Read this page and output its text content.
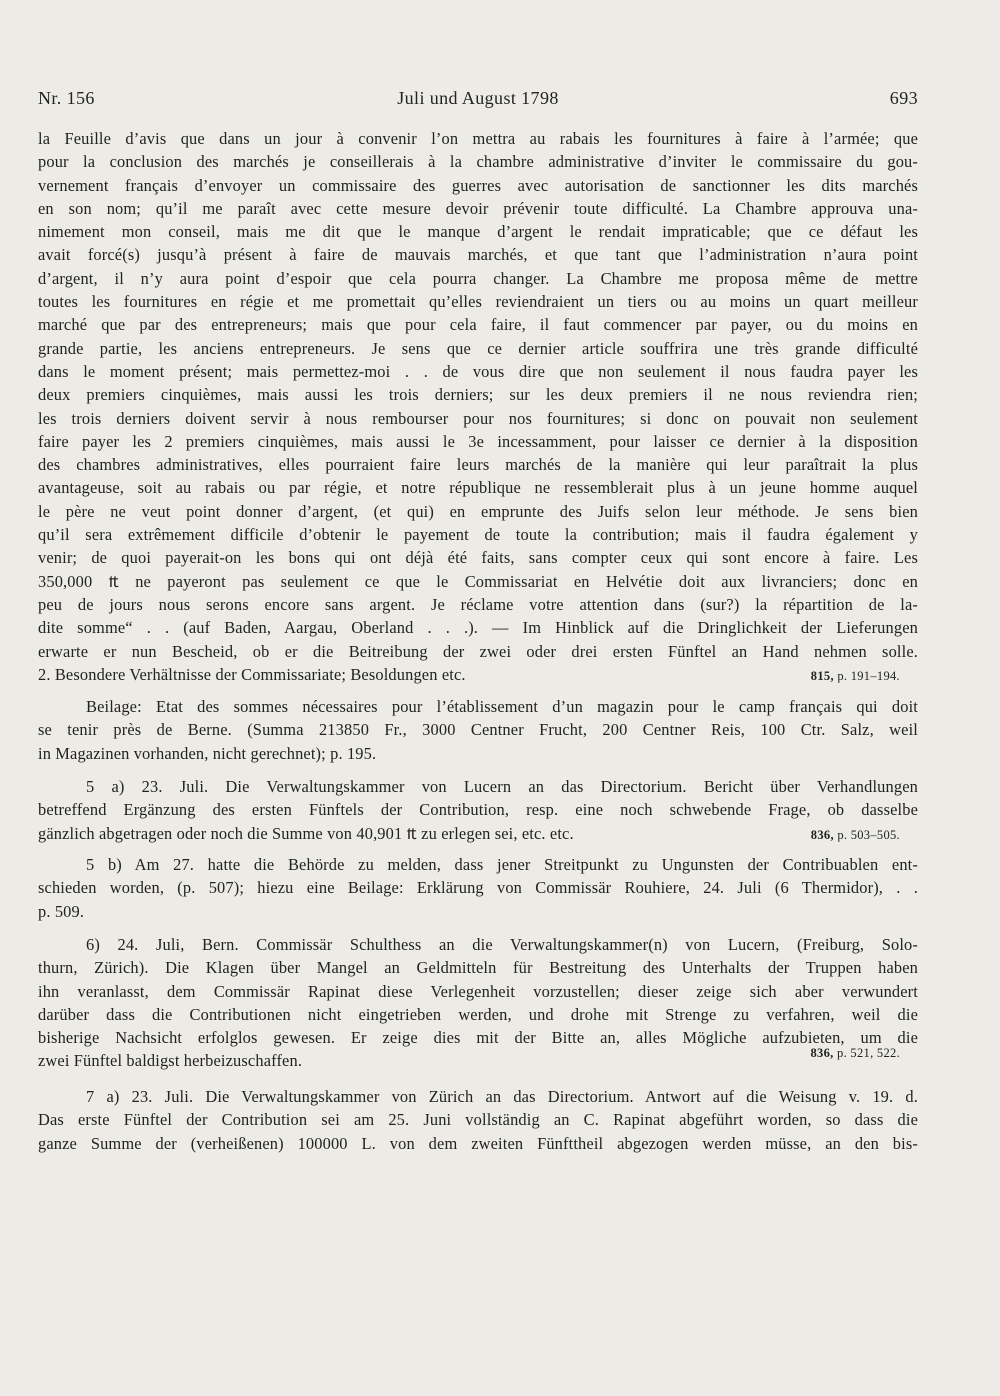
Nr. 156	Juli und August 1798	693
la Feuille d’avis que dans un jour à convenir l’on mettra au rabais les fournitures à faire à l’armée; que
pour la conclusion des marchés je conseillerais à la chambre administrative d’inviter le commissaire du gou-
vernement français d’envoyer un commissaire des guerres avec autorisation de sanctionner les dits marchés
en son nom; qu’il me paraît avec cette mesure devoir prévenir toute difficulté. La Chambre approuva una-
nimement mon conseil, mais me dit que le manque d’argent le rendait impraticable; que ce défaut les
avait forcé(s) jusqu’à présent à faire de mauvais marchés, et que tant que l’administration n’aura point
d’argent, il n’y aura point d’espoir que cela pourra changer. La Chambre me proposa même de mettre
toutes les fournitures en régie et me promettait qu’elles reviendraient un tiers ou au moins un quart meilleur
marché que par des entrepreneurs; mais que pour cela faire, il faut commencer par payer, ou du moins en
grande partie, les anciens entrepreneurs. Je sens que ce dernier article souffrira une très grande difficulté
dans le moment présent; mais permettez-moi . . de vous dire que non seulement il nous faudra payer les
deux premiers cinquièmes, mais aussi les trois derniers; sur les deux premiers il ne nous reviendra rien;
les trois derniers doivent servir à nous rembourser pour nos fournitures; si donc on pouvait non seulement
faire payer les 2 premiers cinquièmes, mais aussi le 3e incessamment, pour laisser ce dernier à la disposition
des chambres administratives, elles pourraient faire leurs marchés de la manière qui leur paraîtrait la plus
avantageuse, soit au rabais ou par régie, et notre république ne ressemblerait plus à un jeune homme auquel
le père ne veut point donner d’argent, (et qui) en emprunte des Juifs selon leur méthode. Je sens bien
qu’il sera extrêmement difficile d’obtenir le payement de toute la contribution; mais il faudra également y
venir; de quoi payerait-on les bons qui ont déjà été faits, sans compter ceux qui sont encore à faire. Les
350,000 ₶ ne payeront pas seulement ce que le Commissariat en Helvétie doit aux livranciers; donc en
peu de jours nous serons encore sans argent. Je réclame votre attention dans (sur?) la répartition de la-
dite somme“ . . (auf Baden, Aargau, Oberland . . .). — Im Hinblick auf die Dringlichkeit der Lieferungen
erwarte er nun Bescheid, ob er die Beitreibung der zwei oder drei ersten Fünftel an Hand nehmen solle.
2. Besondere Verhältnisse der Commissariate; Besoldungen etc.	815, p. 191–194.
Beilage: Etat des sommes nécessaires pour l’établissement d’un magazin pour le camp français qui doit
se tenir près de Berne. (Summa 213850 Fr., 3000 Centner Frucht, 200 Centner Reis, 100 Ctr. Salz, weil
in Magazinen vorhanden, nicht gerechnet); p. 195.
5 a) 23. Juli. Die Verwaltungskammer von Lucern an das Directorium. Bericht über Verhandlungen
betreffend Ergänzung des ersten Fünftels der Contribution, resp. eine noch schwebende Frage, ob dasselbe
gänzlich abgetragen oder noch die Summe von 40,901 ₶ zu erlegen sei, etc. etc.	836, p. 503–505.
5 b) Am 27. hatte die Behörde zu melden, dass jener Streitpunkt zu Ungunsten der Contribuablen ent-
schieden worden, (p. 507); hiezu eine Beilage: Erklärung von Commissär Rouhiere, 24. Juli (6 Thermidor), . .
p. 509.
6) 24. Juli, Bern. Commissär Schulthess an die Verwaltungskammer(n) von Lucern, (Freiburg, Solo-
thurn, Zürich). Die Klagen über Mangel an Geldmitteln für Bestreitung des Unterhalts der Truppen haben
ihn veranlasst, dem Commissär Rapinat diese Verlegenheit vorzustellen; dieser zeige sich aber verwundert
darüber dass die Contributionen nicht eingetrieben werden, und drohe mit Strenge zu verfahren, weil die
bisherige Nachsicht erfolglos gewesen. Er zeige dies mit der Bitte an, alles Mögliche aufzubieten, um die
zwei Fünftel baldigst herbeizuschaffen.	836, p. 521, 522.
7 a) 23. Juli. Die Verwaltungskammer von Zürich an das Directorium. Antwort auf die Weisung v. 19. d.
Das erste Fünftel der Contribution sei am 25. Juni vollständig an C. Rapinat abgeführt worden, so dass die
ganze Summe der (verheißenen) 100000 L. von dem zweiten Fünfttheil abgezogen werden müsse, an den bis-
